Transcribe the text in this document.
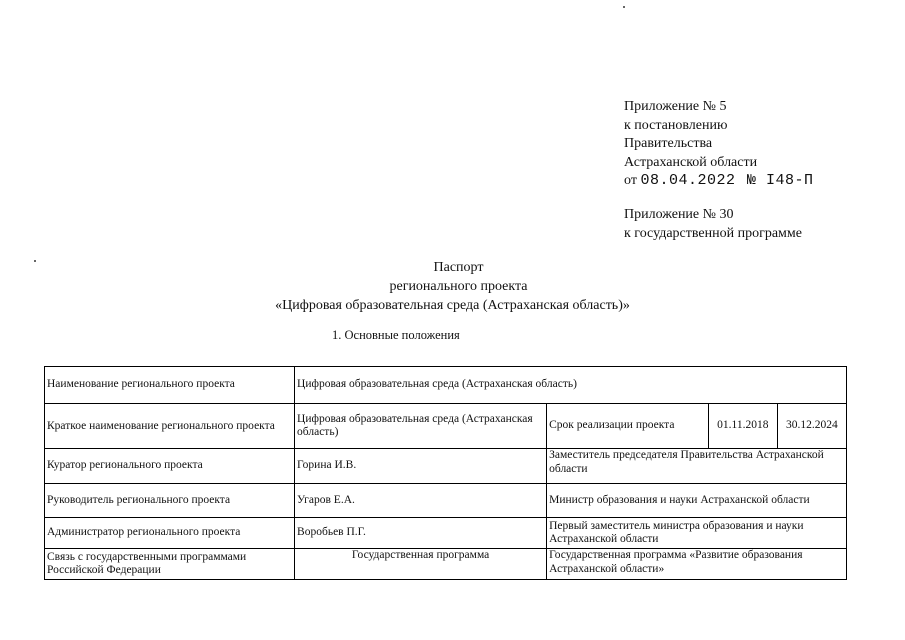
Приложение № 5
к постановлению
Правительства
Астраханской области
от 08.04.2022 № I48-П
Приложение № 30
к государственной программе
Паспорт
регионального проекта
«Цифровая образовательная среда (Астраханская область)»
1. Основные положения
Наименование регионального проекта	Цифровая образовательная среда (Астраханская область)			
Краткое наименование регионального проекта	Цифровая образовательная среда (Астраханская область)	Срок реализации проекта	01.11.2018	30.12.2024
Куратор регионального проекта	Горина И.В.	Заместитель председателя Правительства Астраханской области		
Руководитель регионального проекта	Угаров Е.А.	Министр образования и науки Астраханской области		
Администратор регионального проекта	Воробьев П.Г.	Первый заместитель министра образования и науки Астраханской области		
Связь с государственными программами Российской Федерации	Государственная программа	Государственная программа «Развитие образования Астраханской области»		
